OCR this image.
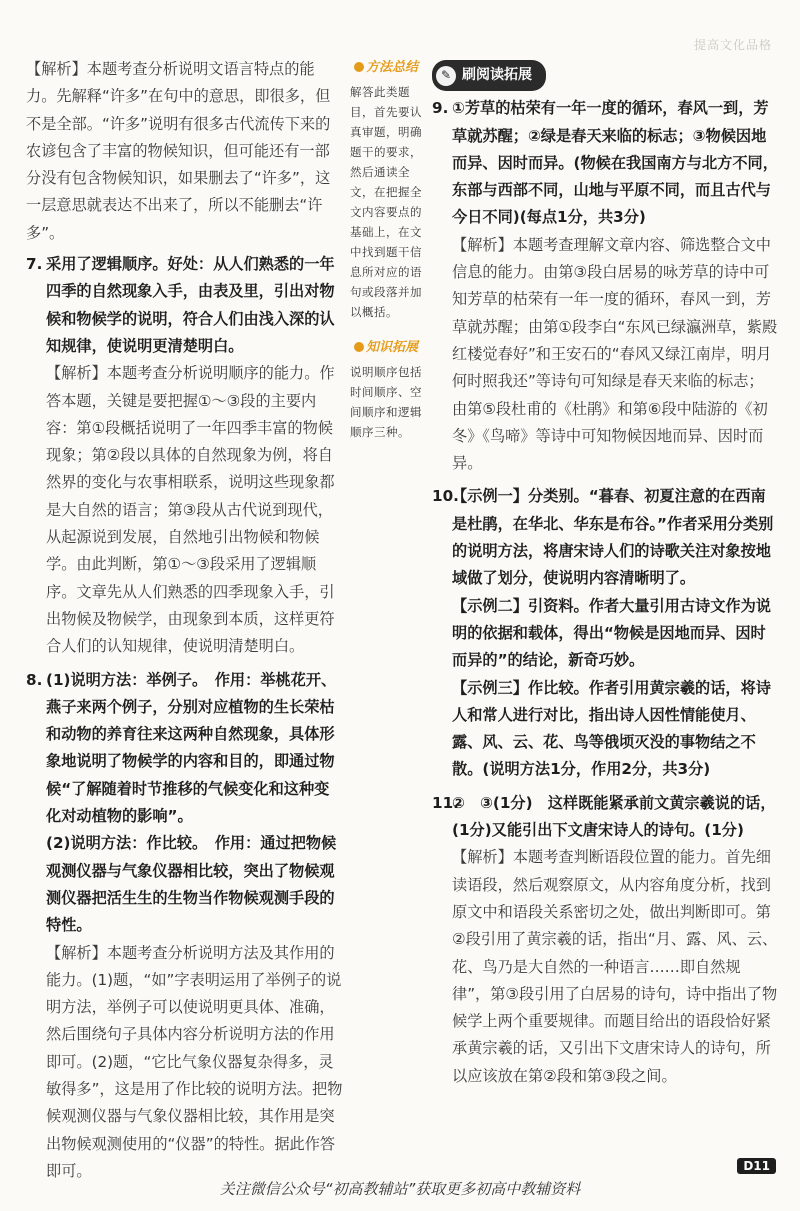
提高文化品格
【解析】本题考查分析说明文语言特点的能力。先解释“许多”在句中的意思，即很多，但不是全部。“许多”说明有很多古代流传下来的农谚包含了丰富的物候知识，但可能还有一部分没有包含物候知识，如果删去了“许多”，这一层意思就表达不出来了，所以不能删去“许多”。
7. 采用了逻辑顺序。好处：从人们熟悉的一年四季的自然现象入手，由表及里，引出对物候和物候学的说明，符合人们由浅入深的认知规律，使说明更清楚明白。
【解析】本题考查分析说明顺序的能力。作答本题，关键是要把握①～③段的主要内容：第①段概括说明了一年四季丰富的物候现象；第②段以具体的自然现象为例，将自然界的变化与农事相联系，说明这些现象都是大自然的语言；第③段从古代说到现代，从起源说到发展，自然地引出物候和物候学。由此判断，第①～③段采用了逻辑顺序。文章先从人们熟悉的四季现象入手，引出物候及物候学，由现象到本质，这样更符合人们的认知规律，使说明清楚明白。
8. (1)说明方法：举例子。　作用：举桃花开、燕子来两个例子，分别对应植物的生长荣枯和动物的养育往来这两种自然现象，具体形象地说明了物候学的内容和目的，即通过物候“了解随着时节推移的气候变化和这种变化对动植物的影响”。
(2)说明方法：作比较。　作用：通过把物候观测仪器与气象仪器相比较，突出了物候观测仪器把活生生的生物当作物候观测手段的特性。
【解析】本题考查分析说明方法及其作用的能力。(1)题，“如”字表明运用了举例子的说明方法，举例子可以使说明更具体、准确，然后围绕句子具体内容分析说明方法的作用即可。(2)题，“它比气象仪器复杂得多，灵敏得多”，这是用了作比较的说明方法。把物候观测仪器与气象仪器相比较，其作用是突出物候观测使用的“仪器”的特性。据此作答即可。
方法总结
解答此类题目，首先要认真审题，明确题干的要求，然后通读全文，在把握全文内容要点的基础上，在文中找到题干信息所对应的语句或段落并加以概括。
知识拓展
说明顺序包括时间顺序、空间顺序和逻辑顺序三种。
✎ 刷阅读拓展
9. ①芳草的枯荣有一年一度的循环，春风一到，芳草就苏醒；②绿是春天来临的标志；③物候因地而异、因时而异。(物候在我国南方与北方不同，东部与西部不同，山地与平原不同，而且古代与今日不同)(每点1分，共3分)
【解析】本题考查理解文章内容、筛选整合文中信息的能力。由第③段白居易的咏芳草的诗中可知芳草的枯荣有一年一度的循环，春风一到，芳草就苏醒；由第①段李白“东风已绿瀛洲草，紫殿红楼觉春好”和王安石的“春风又绿江南岸，明月何时照我还”等诗句可知绿是春天来临的标志；由第⑤段杜甫的《杜鹃》和第⑥段中陆游的《初冬》《鸟啼》等诗中可知物候因地而异、因时而异。
10.【示例一】分类别。“暮春、初夏注意的在西南是杜鹃，在华北、华东是布谷。”作者采用分类别的说明方法，将唐宋诗人们的诗歌关注对象按地域做了划分，使说明内容清晰明了。
【示例二】引资料。作者大量引用古诗文作为说明的依据和载体，得出“物候是因地而异、因时而异的”的结论，新奇巧妙。
【示例三】作比较。作者引用黄宗羲的话，将诗人和常人进行对比，指出诗人因性情能使月、露、风、云、花、鸟等俄顷灭没的事物结之不散。(说明方法1分，作用2分，共3分)
11.②　③(1分)　这样既能紧承前文黄宗羲说的话，(1分)又能引出下文唐宋诗人的诗句。(1分)
【解析】本题考查判断语段位置的能力。首先细读语段，然后观察原文，从内容角度分析，找到原文中和语段关系密切之处，做出判断即可。第②段引用了黄宗羲的话，指出“月、露、风、云、花、鸟乃是大自然的一种语言……即自然规律”，第③段引用了白居易的诗句，诗中指出了物候学上两个重要规律。而题目给出的语段恰好紧承黄宗羲的话，又引出下文唐宋诗人的诗句，所以应该放在第②段和第③段之间。
D11
关注微信公众号“初高教辅站”获取更多初高中教辅资料
